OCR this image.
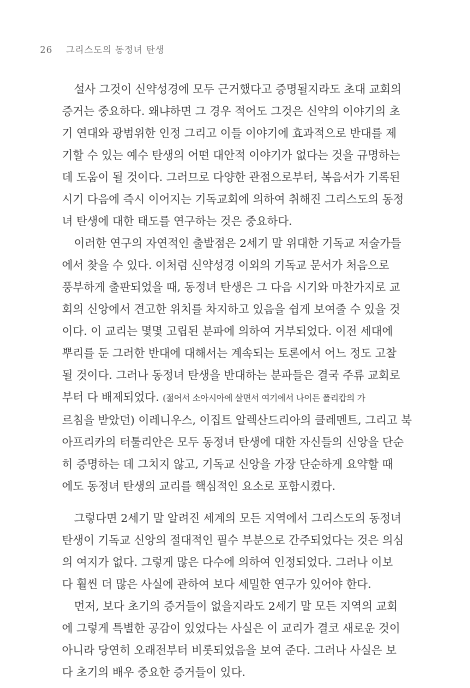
26 그리스도의 동정녀 탄생

설사 그것이 신약성경에 모두 근거했다고 증명될지라도 초대 교회의
증거는 중요하다. 왜냐하면 그 경우 적어도 그것은 신약의 이야기의 초
기 연대와 광범위한 인정 그리고 이들 이야기에 효과적으로 반대를 제
기할 수 있는 예수 탄생의 어떤 대안적 이야기가 없다는 것을 규명하는
데 도움이 될 것이다. 그러므로 다양한 관점으로부터, 복음서가 기록된
시기 다음에 즉시 이어지는 기독교회에 의하여 취해진 그리스도의 동정
녀 탄생에 대한 태도를 연구하는 것은 중요하다.

이러한 연구의 자연적인 출발점은 2세기 말 위대한 기독교 저술가들
에서 찾을 수 있다. 이처럼 신약성경 이외의 기독교 문서가 처음으로
풍부하게 출판되었을 때, 동정녀 탄생은 그 다음 시기와 마찬가지로 교
회의 신앙에서 견고한 위치를 차지하고 있음을 쉽게 보여줄 수 있을 것
이다. 이 교리는 몇몇 고립된 분파에 의하여 거부되었다. 이전 세대에
뿌리를 둔 그러한 반대에 대해서는 계속되는 토론에서 어느 정도 고찰
될 것이다. 그러나 동정녀 탄생을 반대하는 분파들은 결국 주류 교회로
부터 다 배제되었다. (젊어서 소아시아에 살면서 여기에서 나이든 폴리캅의 가
르침을 받았던) 이레니우스, 이집트 알렉산드리아의 클레멘트, 그리고 북
아프리카의 터툴리안은 모두 동정녀 탄생에 대한 자신들의 신앙을 단순
히 증명하는 데 그치지 않고, 기독교 신앙을 가장 단순하게 요약할 때
에도 동정녀 탄생의 교리를 핵심적인 요소로 포함시켰다.

그렇다면 2세기 말 알려진 세계의 모든 지역에서 그리스도의 동정녀
탄생이 기독교 신앙의 절대적인 필수 부분으로 간주되었다는 것은 의심
의 여지가 없다. 그렇게 많은 다수에 의하여 인정되었다. 그러나 이보
다 훨씬 더 많은 사실에 관하여 보다 세밀한 연구가 있어야 한다.

먼저, 보다 초기의 증거들이 없을지라도 2세기 말 모든 지역의 교회
에 그렇게 특별한 공감이 있었다는 사실은 이 교리가 결코 새로운 것이
아니라 당연히 오래전부터 비롯되었음을 보여 준다. 그러나 사실은 보
다 초기의 배우 중요한 증거들이 있다.
